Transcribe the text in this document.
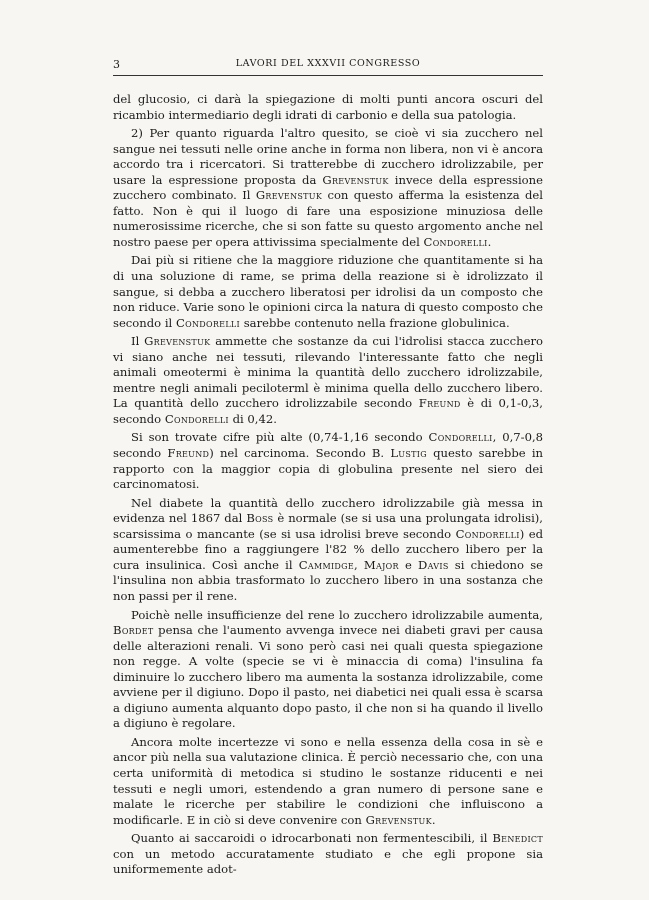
3	LAVORI DEL XXXVII CONGRESSO

del glucosio, ci darà la spiegazione di molti punti ancora oscuri del ricambio intermediario degli idrati di carbonio e della sua patologia.

2) Per quanto riguarda l'altro quesito, se cioè vi sia zucchero nel sangue nei tessuti nelle orine anche in forma non libera, non vi è ancora accordo tra i ricercatori. Si tratterebbe di zucchero idrolizzabile, per usare la espressione proposta da Grevenstuk invece della espressione zucchero combinato. Il Grevenstuk con questo afferma la esistenza del fatto. Non è qui il luogo di fare una esposizione minuziosa delle numerosissime ricerche, che si son fatte su questo argomento anche nel nostro paese per opera attivissima specialmente del Condorelli.

Dai più si ritiene che la maggiore riduzione che quantitamente si ha di una soluzione di rame, se prima della reazione si è idrolizzato il sangue, si debba a zucchero liberatosi per idrolisi da un composto che non riduce. Varie sono le opinioni circa la natura di questo composto che secondo il Condorelli sarebbe contenuto nella frazione globulinica.

Il Grevenstuk ammette che sostanze da cui l'idrolisi stacca zucchero vi siano anche nei tessuti, rilevando l'interessante fatto che negli animali omeotermi è minima la quantità dello zucchero idrolizzabile, mentre negli animali peciloterml è minima quella dello zucchero libero. La quantità dello zucchero idrolizzabile secondo Freund è di 0,1-0,3, secondo Condorelli di 0,42.

Si son trovate cifre più alte (0,74-1,16 secondo Condorelli, 0,7-0,8 secondo Freund) nel carcinoma. Secondo B. Lustig questo sarebbe in rapporto con la maggior copia di globulina presente nel siero dei carcinomatosi.

Nel diabete la quantità dello zucchero idrolizzabile già messa in evidenza nel 1867 dal Boss è normale (se si usa una prolungata idrolisi), scarsissima o mancante (se si usa idrolisi breve secondo Condorelli) ed aumenterebbe fino a raggiungere l'82 % dello zucchero libero per la cura insulinica. Così anche il Cammidge, Major e Davis si chiedono se l'insulina non abbia trasformato lo zucchero libero in una sostanza che non passi per il rene.

Poichè nelle insufficienze del rene lo zucchero idrolizzabile aumenta, Bordet pensa che l'aumento avvenga invece nei diabeti gravi per causa delle alterazioni renali. Vi sono però casi nei quali questa spiegazione non regge. A volte (specie se vi è minaccia di coma) l'insulina fa diminuire lo zucchero libero ma aumenta la sostanza idrolizzabile, come avviene per il digiuno. Dopo il pasto, nei diabetici nei quali essa è scarsa a digiuno aumenta alquanto dopo pasto, il che non si ha quando il livello a digiuno è regolare.

Ancora molte incertezze vi sono e nella essenza della cosa in sè e ancor più nella sua valutazione clinica. È perciò necessario che, con una certa uniformità di metodica si studino le sostanze riducenti e nei tessuti e negli umori, estendendo a gran numero di persone sane e malate le ricerche per stabilire le condizioni che influiscono a modificarle. E in ciò si deve convenire con Grevenstuk.

Quanto ai saccaroidi o idrocarbonati non fermentescibili, il Benedict con un metodo accuratamente studiato e che egli propone sia uniformemente adot-
